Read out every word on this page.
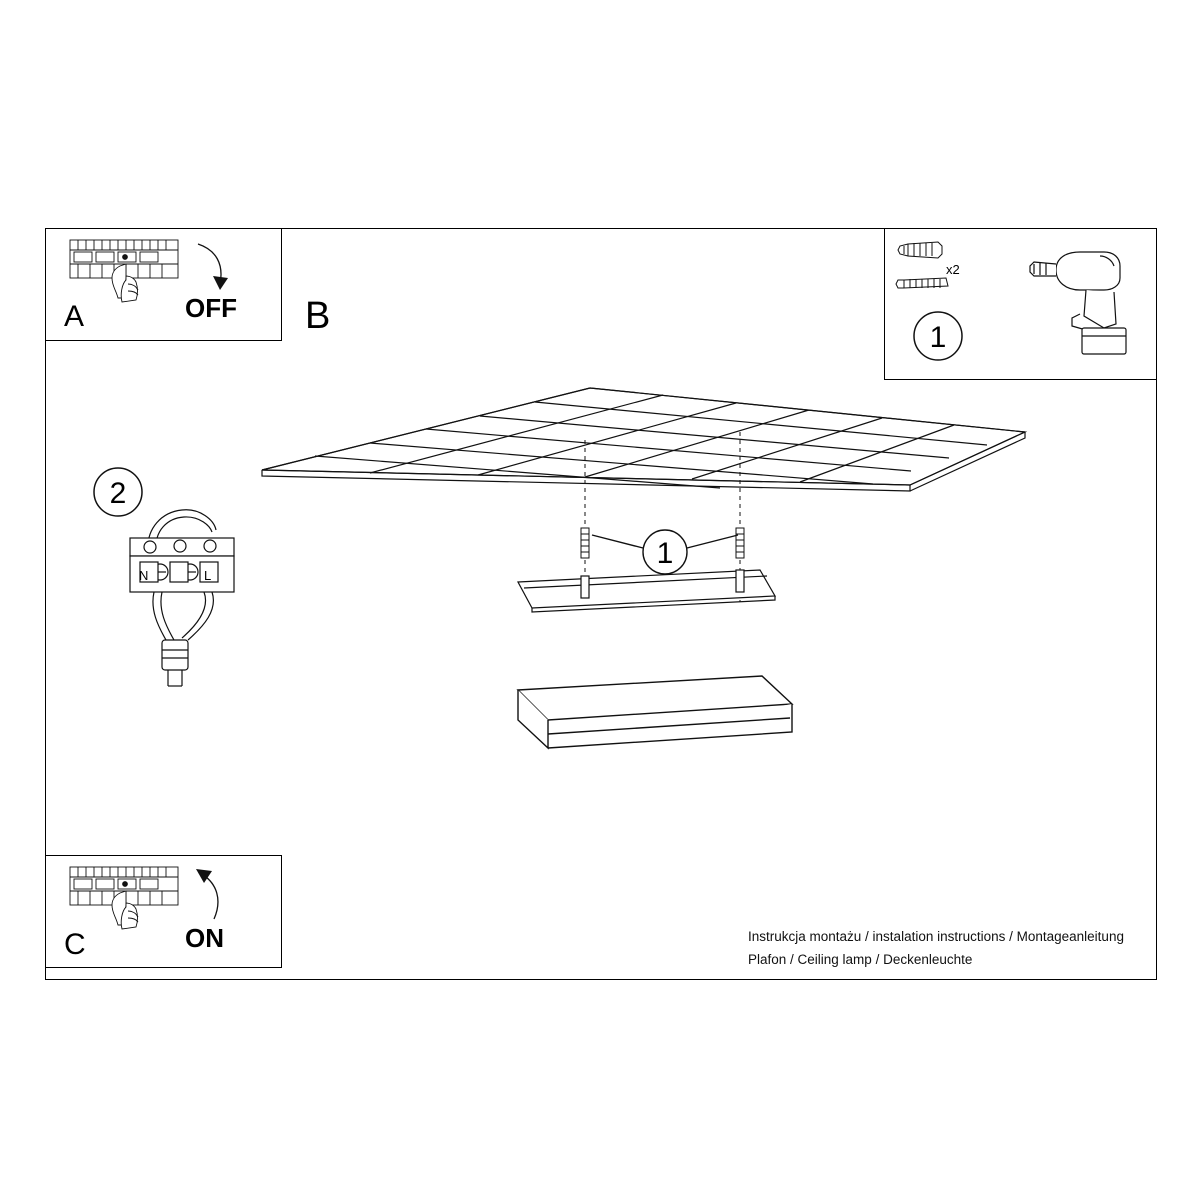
1
A	OFF B
C	ON
x2
1
2
N	L
Instrukcja montażu / instalation instructions / Montageanleitung
Plafon / Ceiling lamp / Deckenleuchte
